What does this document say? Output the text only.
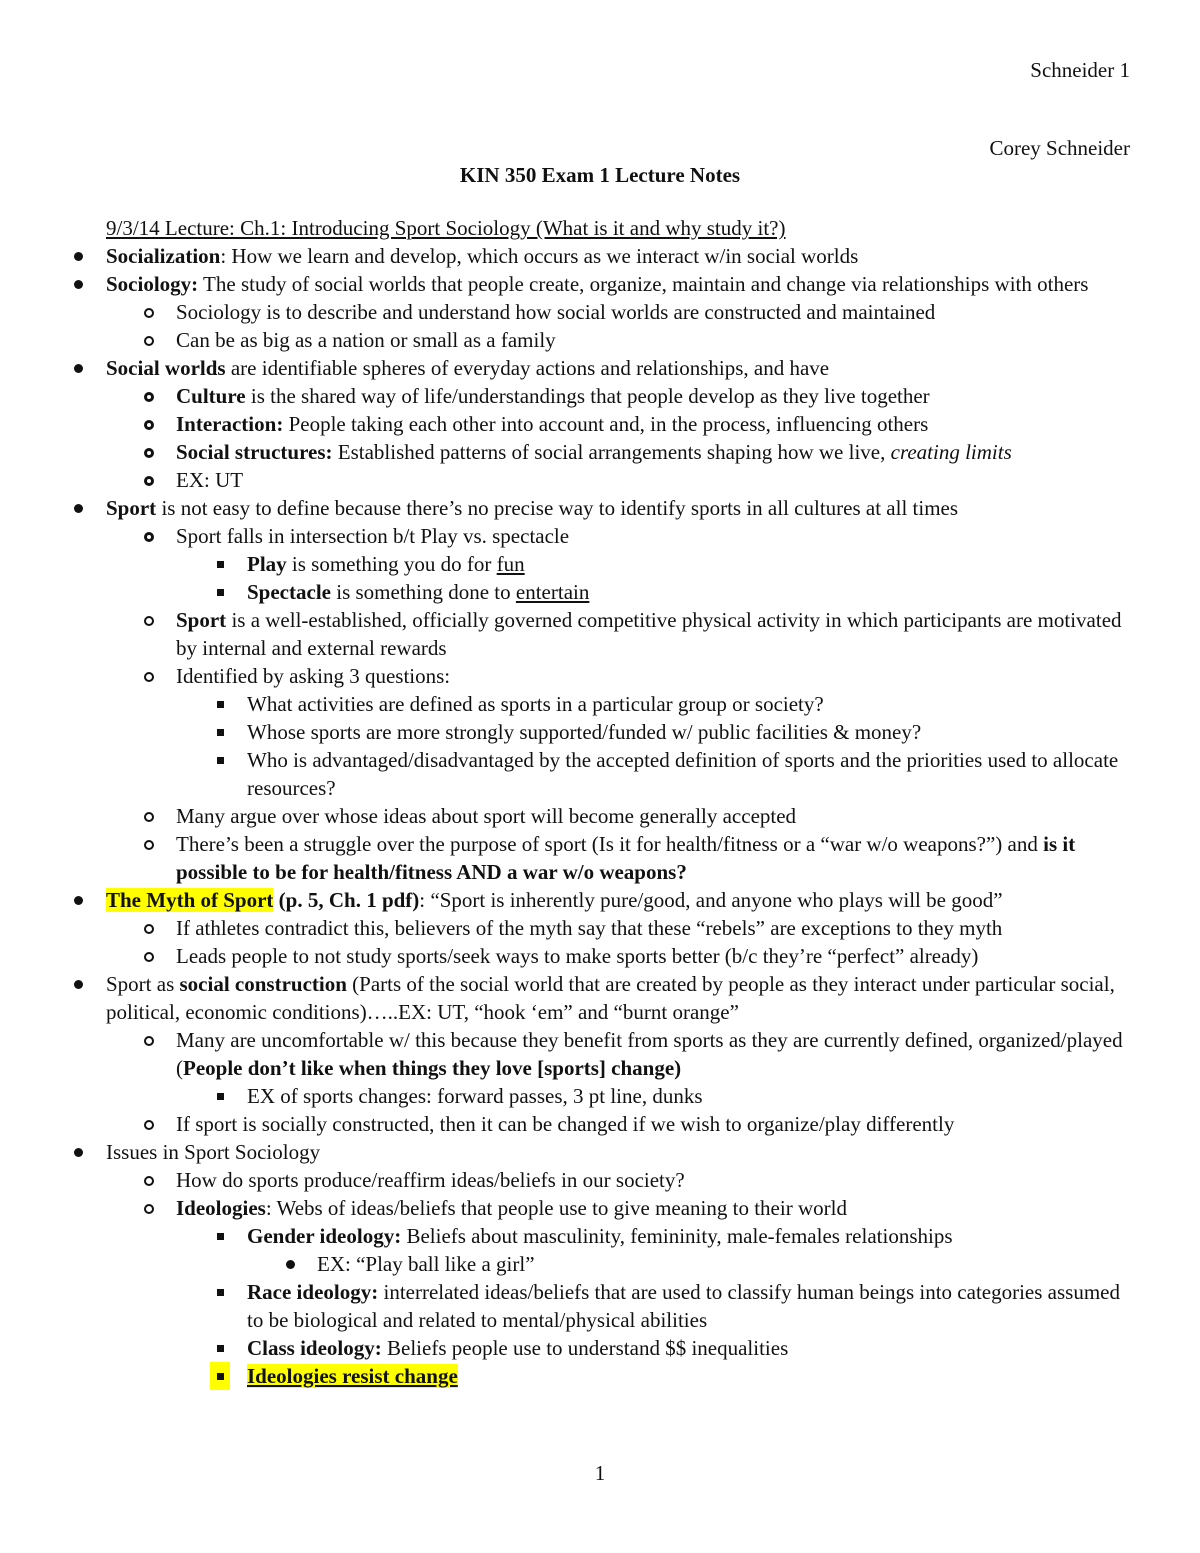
Schneider 1
Corey Schneider
KIN 350 Exam 1 Lecture Notes
9/3/14 Lecture: Ch.1: Introducing Sport Sociology (What is it and why study it?)
Socialization: How we learn and develop, which occurs as we interact w/in social worlds
Sociology: The study of social worlds that people create, organize, maintain and change via relationships with others
Sociology is to describe and understand how social worlds are constructed and maintained
Can be as big as a nation or small as a family
Social worlds are identifiable spheres of everyday actions and relationships, and have
Culture is the shared way of life/understandings that people develop as they live together
Interaction: People taking each other into account and, in the process, influencing others
Social structures: Established patterns of social arrangements shaping how we live, creating limits
EX: UT
Sport is not easy to define because there’s no precise way to identify sports in all cultures at all times
Sport falls in intersection b/t Play vs. spectacle
Play is something you do for fun
Spectacle is something done to entertain
Sport is a well-established, officially governed competitive physical activity in which participants are motivated by internal and external rewards
Identified by asking 3 questions:
What activities are defined as sports in a particular group or society?
Whose sports are more strongly supported/funded w/ public facilities & money?
Who is advantaged/disadvantaged by the accepted definition of sports and the priorities used to allocate resources?
Many argue over whose ideas about sport will become generally accepted
There’s been a struggle over the purpose of sport (Is it for health/fitness or a “war w/o weapons?”) and is it possible to be for health/fitness AND a war w/o weapons?
The Myth of Sport (p. 5, Ch. 1 pdf): “Sport is inherently pure/good, and anyone who plays will be good”
If athletes contradict this, believers of the myth say that these “rebels” are exceptions to they myth
Leads people to not study sports/seek ways to make sports better (b/c they’re “perfect” already)
Sport as social construction (Parts of the social world that are created by people as they interact under particular social, political, economic conditions)…..EX: UT, “hook ‘em” and “burnt orange”
Many are uncomfortable w/ this because they benefit from sports as they are currently defined, organized/played (People don’t like when things they love [sports] change)
EX of sports changes: forward passes, 3 pt line, dunks
If sport is socially constructed, then it can be changed if we wish to organize/play differently
Issues in Sport Sociology
How do sports produce/reaffirm ideas/beliefs in our society?
Ideologies: Webs of ideas/beliefs that people use to give meaning to their world
Gender ideology: Beliefs about masculinity, femininity, male-females relationships
EX: “Play ball like a girl”
Race ideology: interrelated ideas/beliefs that are used to classify human beings into categories assumed to be biological and related to mental/physical abilities
Class ideology: Beliefs people use to understand $$ inequalities
Ideologies resist change
1
